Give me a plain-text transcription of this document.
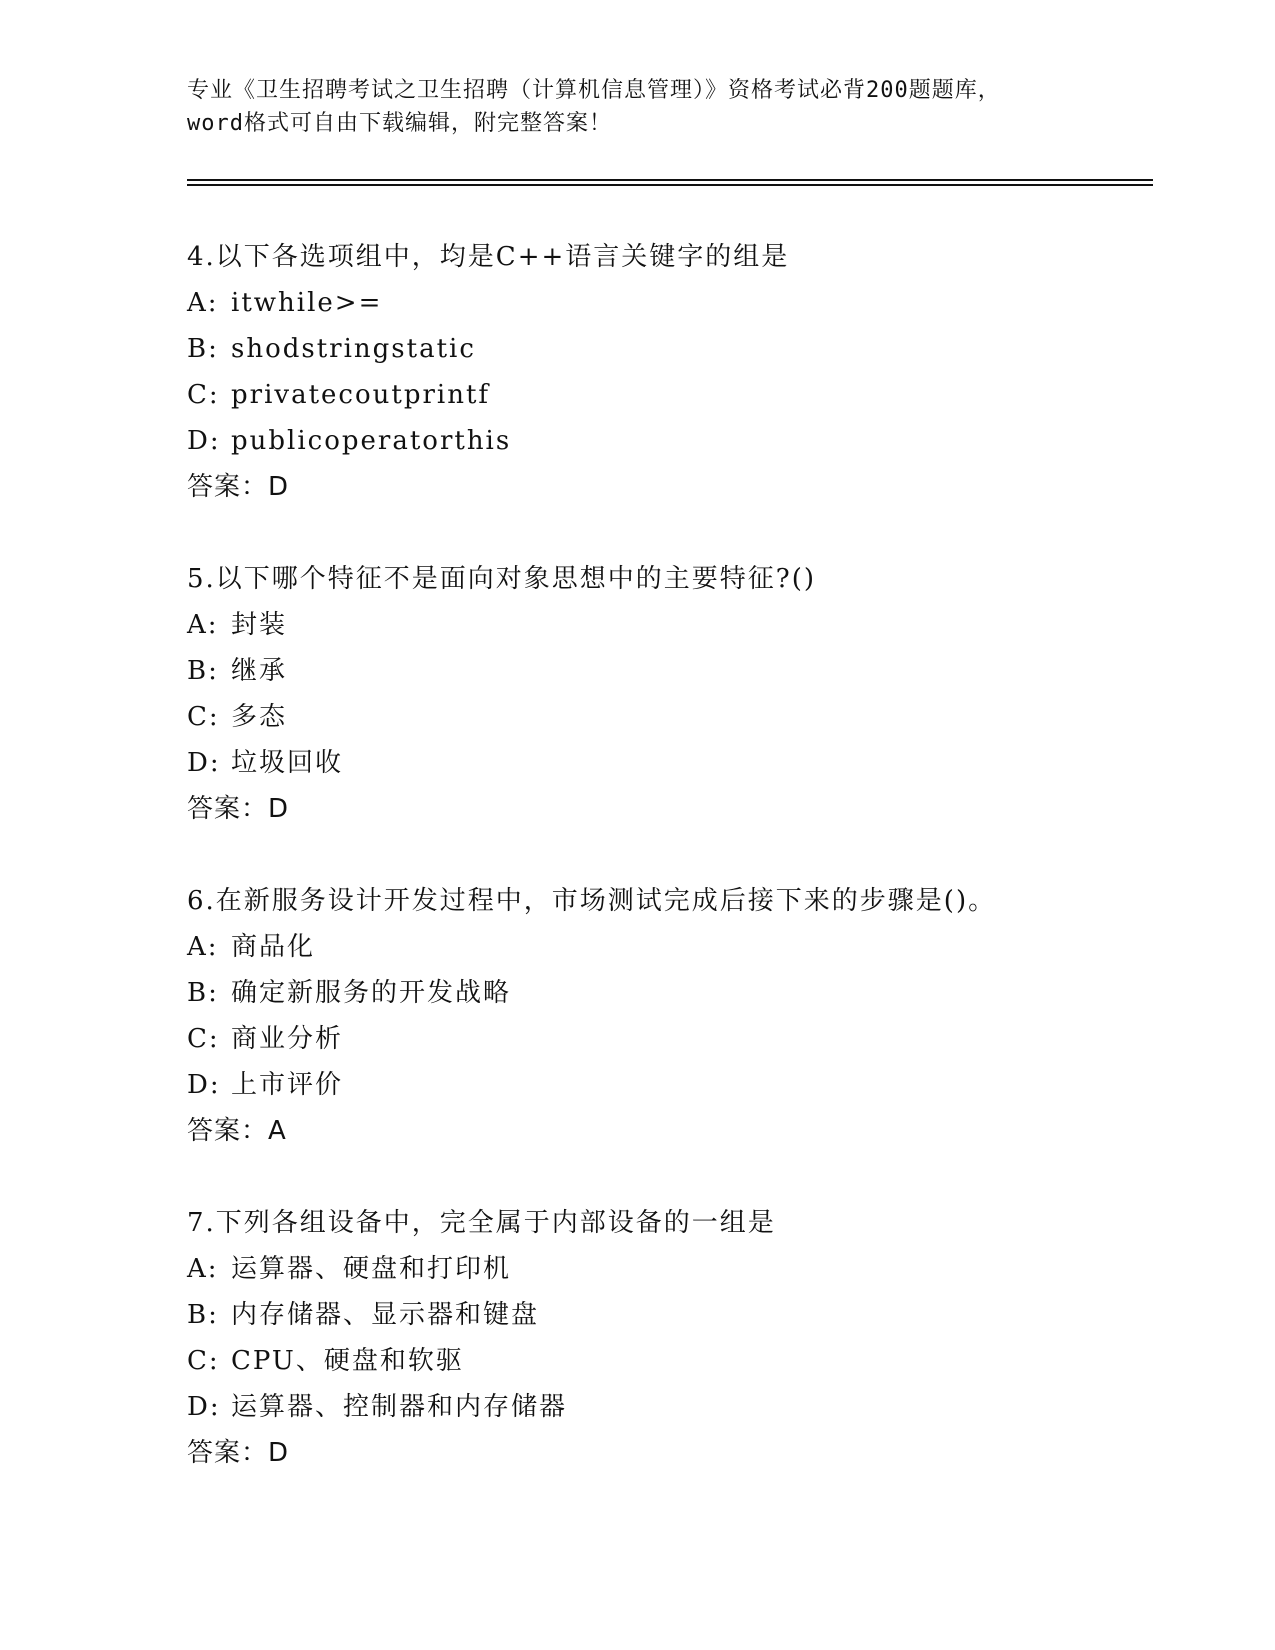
专业《卫生招聘考试之卫生招聘（计算机信息管理）》资格考试必背200题题库，
word格式可自由下载编辑，附完整答案！
4.以下各选项组中，均是C++语言关键字的组是
A: itwhile>=
B: shodstringstatic
C: privatecoutprintf
D: publicoperatorthis
答案：D
5.以下哪个特征不是面向对象思想中的主要特征?()
A: 封装
B: 继承
C: 多态
D: 垃圾回收
答案：D
6.在新服务设计开发过程中，市场测试完成后接下来的步骤是()。
A: 商品化
B: 确定新服务的开发战略
C: 商业分析
D: 上市评价
答案：A
7.下列各组设备中，完全属于内部设备的一组是
A: 运算器、硬盘和打印机
B: 内存储器、显示器和键盘
C: CPU、硬盘和软驱
D: 运算器、控制器和内存储器
答案：D
